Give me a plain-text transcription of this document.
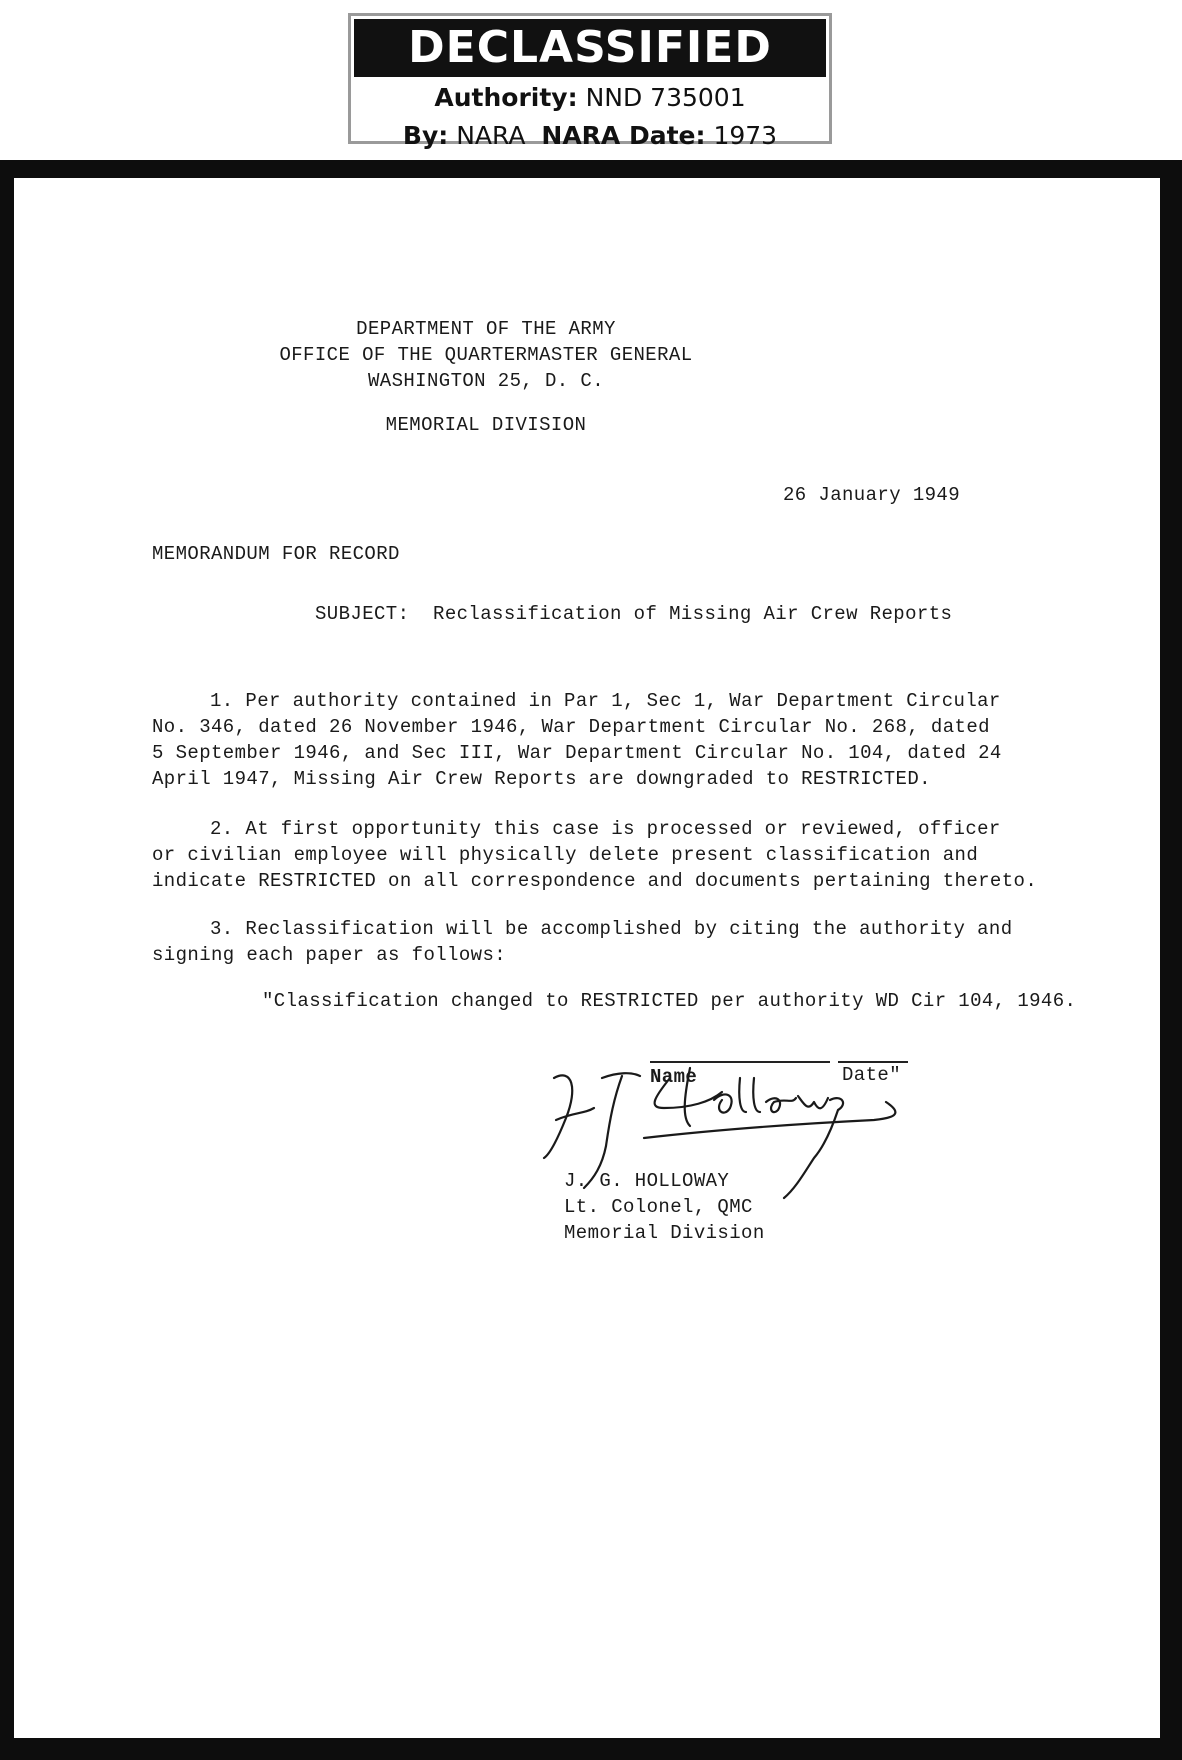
DECLASSIFIED
Authority: NND 735001
By: NARA NARA Date: 1973
DEPARTMENT OF THE ARMY
OFFICE OF THE QUARTERMASTER GENERAL
WASHINGTON 25, D. C.
MEMORIAL DIVISION
26 January 1949
MEMORANDUM FOR RECORD
SUBJECT: Reclassification of Missing Air Crew Reports
1. Per authority contained in Par 1, Sec 1, War Department Circular
No. 346, dated 26 November 1946, War Department Circular No. 268, dated
5 September 1946, and Sec III, War Department Circular No. 104, dated 24
April 1947, Missing Air Crew Reports are downgraded to RESTRICTED.
2. At first opportunity this case is processed or reviewed, officer
or civilian employee will physically delete present classification and
indicate RESTRICTED on all correspondence and documents pertaining thereto.
3. Reclassification will be accomplished by citing the authority and
signing each paper as follows:
"Classification changed to RESTRICTED per authority WD Cir 104, 1946.
Name	Date"
J. G. HOLLOWAY
Lt. Colonel, QMC
Memorial Division
